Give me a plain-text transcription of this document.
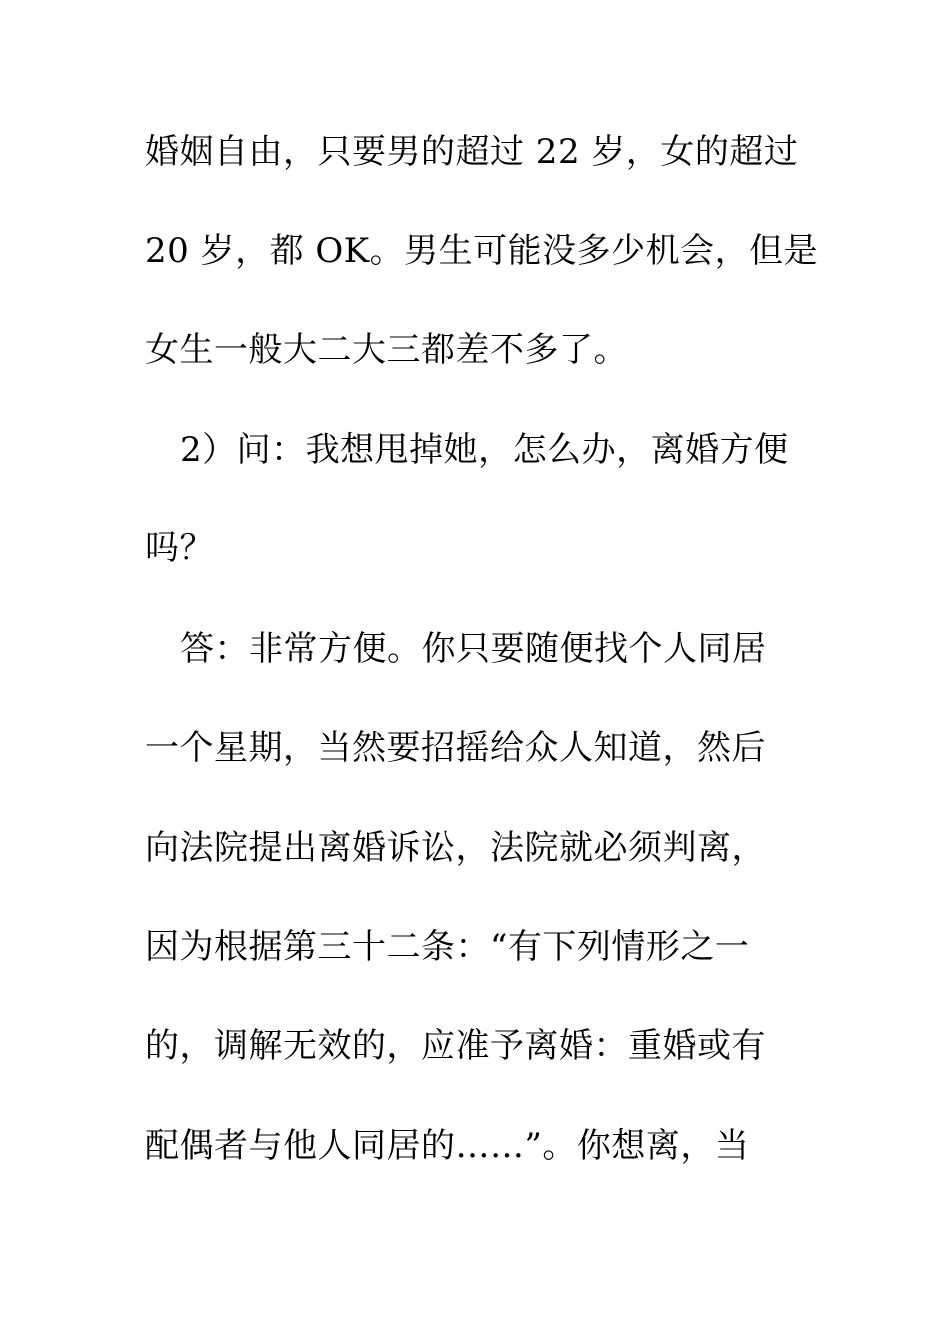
婚姻自由，只要男的超过 22 岁，女的超过
20 岁，都 OK。男生可能没多少机会，但是
女生一般大二大三都差不多了。
2）问：我想甩掉她，怎么办，离婚方便
吗？
答：非常方便。你只要随便找个人同居
一个星期，当然要招摇给众人知道，然后
向法院提出离婚诉讼，法院就必须判离，
因为根据第三十二条：“有下列情形之一
的，调解无效的，应准予离婚：重婚或有
配偶者与他人同居的……”。你想离，当
